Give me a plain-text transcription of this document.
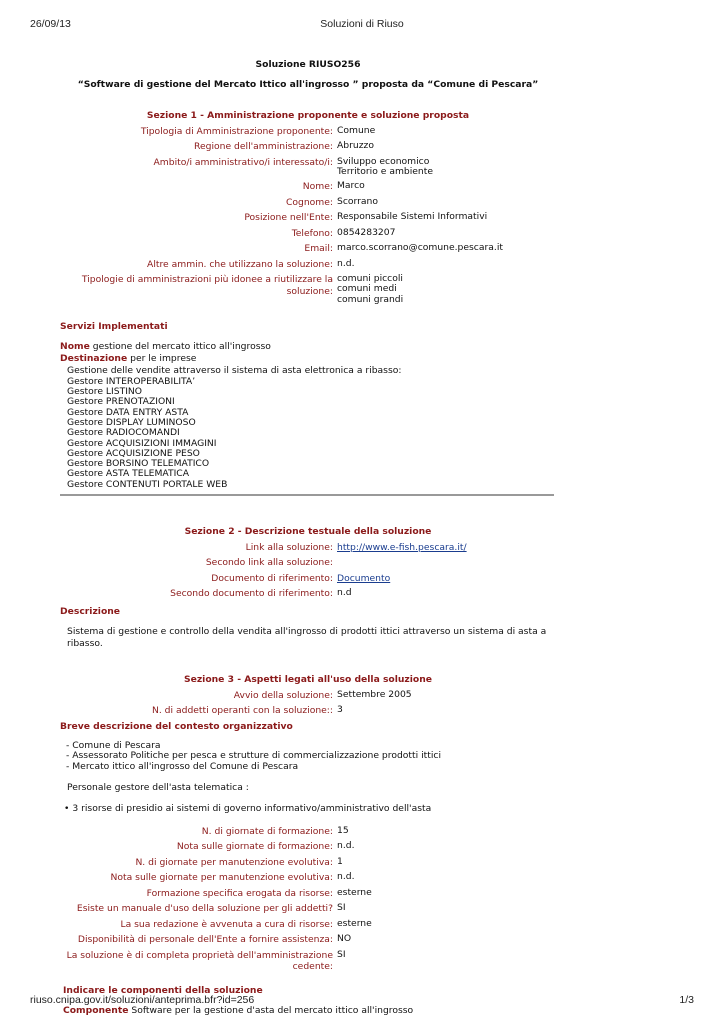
26/09/13	Soluzioni di Riuso
Soluzione RIUSO256
“Software di gestione del Mercato Ittico all'ingrosso ” proposta da “Comune di Pescara”
Sezione 1 - Amministrazione proponente e soluzione proposta
Tipologia di Amministrazione proponente:	Comune
Regione dell'amministrazione:	Abruzzo
Ambito/i amministrativo/i interessato/i:	Sviluppo economico
Territorio e ambiente
Nome:	Marco
Cognome:	Scorrano
Posizione nell'Ente:	Responsabile Sistemi Informativi
Telefono:	0854283207
Email:	marco.scorrano@comune.pescara.it
Altre ammin. che utilizzano la soluzione:	n.d.
Tipologie di amministrazioni più idonee a riutilizzare la soluzione:	comuni piccoli
comuni medi
comuni grandi
Servizi Implementati
Nome gestione del mercato ittico all'ingrosso
Destinazione per le imprese
Gestione delle vendite attraverso il sistema di asta elettronica a ribasso:
Gestore INTEROPERABILITA’
Gestore LISTINO
Gestore PRENOTAZIONI
Gestore DATA ENTRY ASTA
Gestore DISPLAY LUMINOSO
Gestore RADIOCOMANDI
Gestore ACQUISIZIONI IMMAGINI
Gestore ACQUISIZIONE PESO
Gestore BORSINO TELEMATICO
Gestore ASTA TELEMATICA
Gestore CONTENUTI PORTALE WEB
Sezione 2 - Descrizione testuale della soluzione
Link alla soluzione:	http://www.e-fish.pescara.it/
Secondo link alla soluzione:	
Documento di riferimento:	Documento
Secondo documento di riferimento:	n.d
Descrizione
Sistema di gestione e controllo della vendita all'ingrosso di prodotti ittici attraverso un sistema di asta a ribasso.
Sezione 3 - Aspetti legati all'uso della soluzione
Avvio della soluzione:	Settembre 2005
N. di addetti operanti con la soluzione::	3
Breve descrizione del contesto organizzativo
- Comune di Pescara
- Assessorato Politiche per pesca e strutture di commercializzazione prodotti ittici
- Mercato ittico all'ingrosso del Comune di Pescara
Personale gestore dell'asta telematica :
• 3 risorse di presidio ai sistemi di governo informativo/amministrativo dell'asta
N. di giornate di formazione:	15
Nota sulle giornate di formazione:	n.d.
N. di giornate per manutenzione evolutiva:	1
Nota sulle giornate per manutenzione evolutiva:	n.d.
Formazione specifica erogata da risorse:	esterne
Esiste un manuale d'uso della soluzione per gli addetti?	SI
La sua redazione è avvenuta a cura di risorse:	esterne
Disponibilità di personale dell'Ente a fornire assistenza:	NO
La soluzione è di completa proprietà dell'amministrazione cedente:	SI
Indicare le componenti della soluzione
Componente Software per la gestione d'asta del mercato ittico all'ingrosso
riuso.cnipa.gov.it/soluzioni/anteprima.bfr?id=256	1/3
